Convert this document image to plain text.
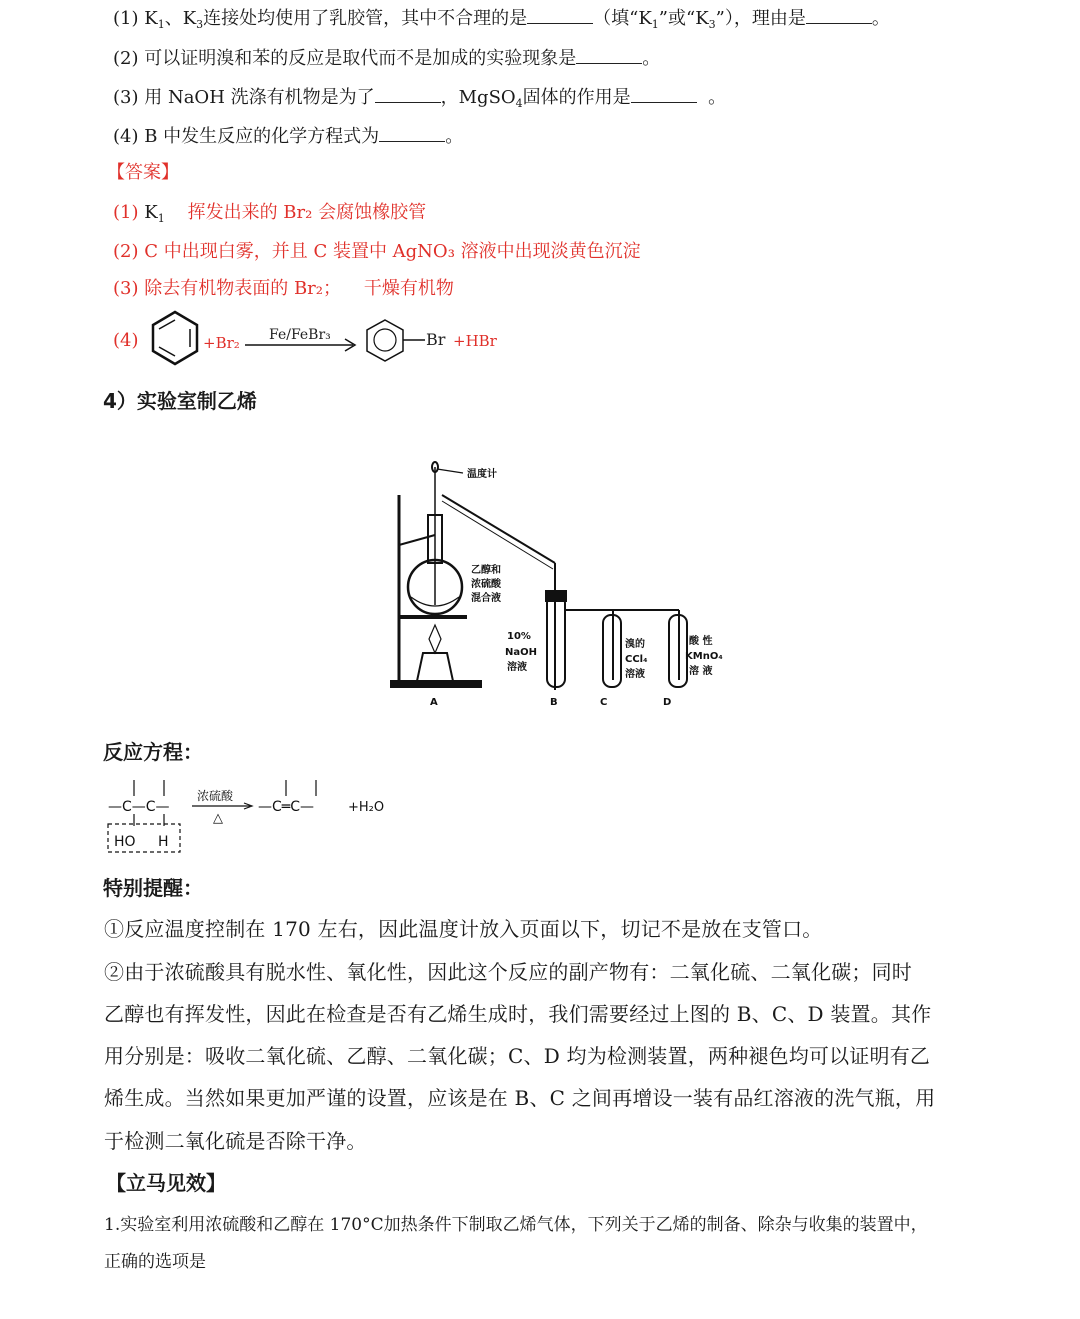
(1) $K_1$、$K_3$连接处均使用了乳胶管，其中不合理的是	（填“$K_1$”或“$K_3$”），理由是	。
(2) 可以证明溴和苯的反应是取代而不是加成的实验现象是	。
(3) 用 NaOH 洗涤有机物是为了	，MgSO$_4$固体的作用是	。
(4) B 中发生反应的化学方程式为	。
【答案】
(1) $K_1$ 挥发出来的 Br₂ 会腐蚀橡胶管
(2) C 中出现白雾，并且 C 装置中 AgNO₃ 溶液中出现淡黄色沉淀
(3) 除去有机物表面的 Br₂； 干燥有机物
(4)	+Br₂ Fe/FeBr₃	Br +HBr
4）实验室制乙烯
温度计
乙醇和
浓硫酸
混合液
10%
NaOH
溶液
溴的
CCl₄
溶液
酸 性
KMnO₄
溶 液
A	B	C	D
反应方程：
—C—C—
HO H
浓硫酸
△
—C═C—	+H₂O
特别提醒：
①反应温度控制在 170 左右，因此温度计放入页面以下，切记不是放在支管口。
②由于浓硫酸具有脱水性、氧化性，因此这个反应的副产物有：二氧化硫、二氧化碳；同时
乙醇也有挥发性，因此在检查是否有乙烯生成时，我们需要经过上图的 B、C、D 装置。其作
用分别是：吸收二氧化硫、乙醇、二氧化碳；C、D 均为检测装置，两种褪色均可以证明有乙
烯生成。当然如果更加严谨的设置，应该是在 B、C 之间再增设一装有品红溶液的洗气瓶，用
于检测二氧化硫是否除干净。
【立马见效】
1.实验室利用浓硫酸和乙醇在 170°C加热条件下制取乙烯气体，下列关于乙烯的制备、除杂与收集的装置中，
正确的选项是
